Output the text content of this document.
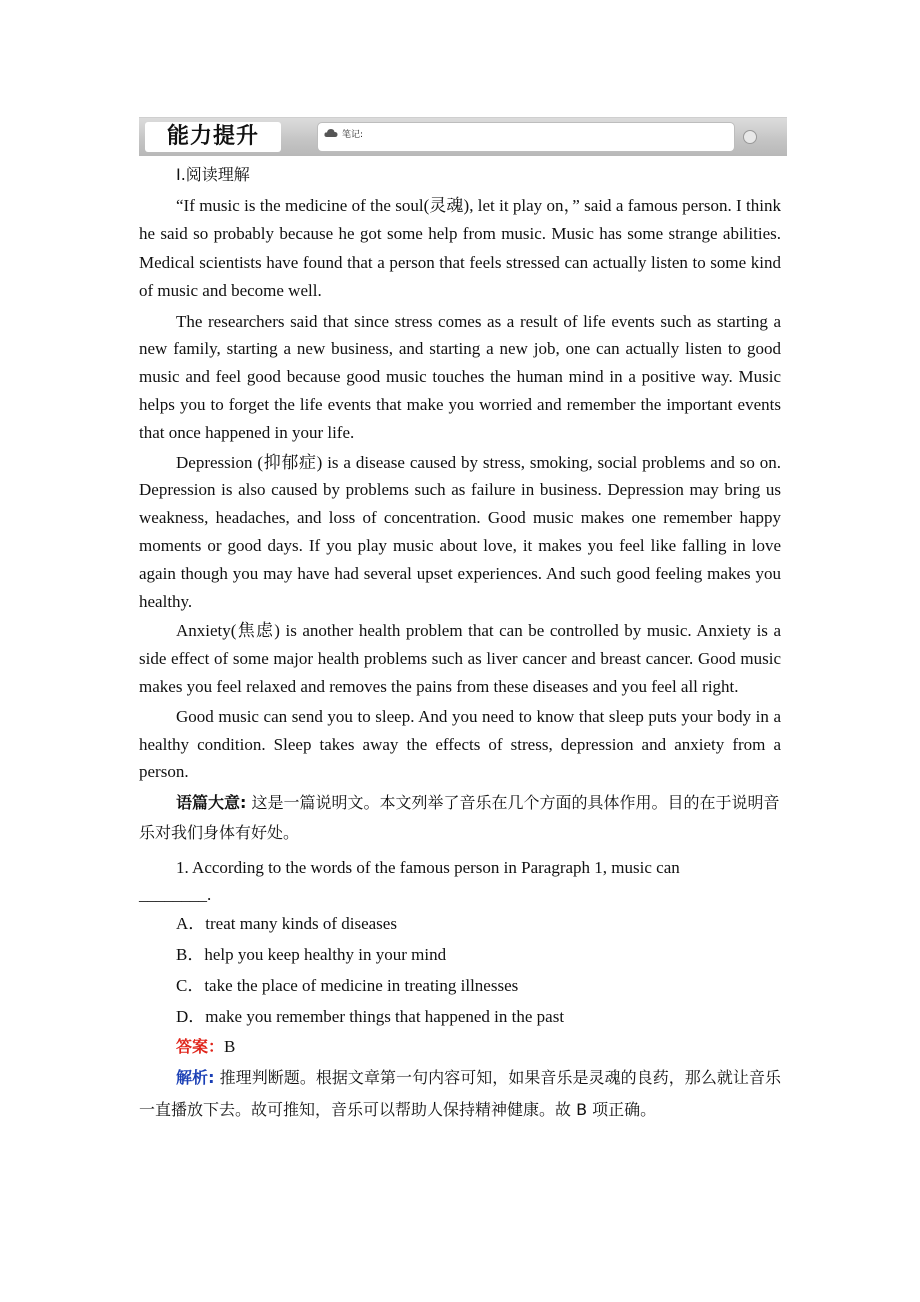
能力提升	笔记:
Ⅰ.阅读理解

“If music is the medicine of the soul(灵魂), let it play on，” said a famous person. I think he said so probably because he got some help from music. Music has some strange abilities. Medical scientists have found that a person that feels stressed can actually listen to some kind of music and become well.

The researchers said that since stress comes as a result of life events such as starting a new family, starting a new business, and starting a new job, one can actually listen to good music and feel good because good music touches the human mind in a positive way. Music helps you to forget the life events that make you worried and remember the important events that once happened in your life.

Depression (抑郁症) is a disease caused by stress, smoking, social problems and so on. Depression is also caused by problems such as failure in business. Depression may bring us weakness, headaches, and loss of concentration. Good music makes one remember happy moments or good days. If you play music about love, it makes you feel like falling in love again though you may have had several upset experiences. And such good feeling makes you healthy.

Anxiety(焦虑) is another health problem that can be controlled by music. Anxiety is a side effect of some major health problems such as liver cancer and breast cancer. Good music makes you feel relaxed and removes the pains from these diseases and you feel all right.

Good music can send you to sleep. And you need to know that sleep puts your body in a healthy condition. Sleep takes away the effects of stress, depression and anxiety from a person.

语篇大意: 这是一篇说明文。本文列举了音乐在几个方面的具体作用。目的在于说明音乐对我们身体有好处。

1. According to the words of the famous person in Paragraph 1, music can

________.

A．treat many kinds of diseases
B．help you keep healthy in your mind
C．take the place of medicine in treating illnesses
D．make you remember things that happened in the past

答案：B

解析: 推理判断题。根据文章第一句内容可知，如果音乐是灵魂的良药，那么就让音乐一直播放下去。故可推知，音乐可以帮助人保持精神健康。故 B 项正确。
